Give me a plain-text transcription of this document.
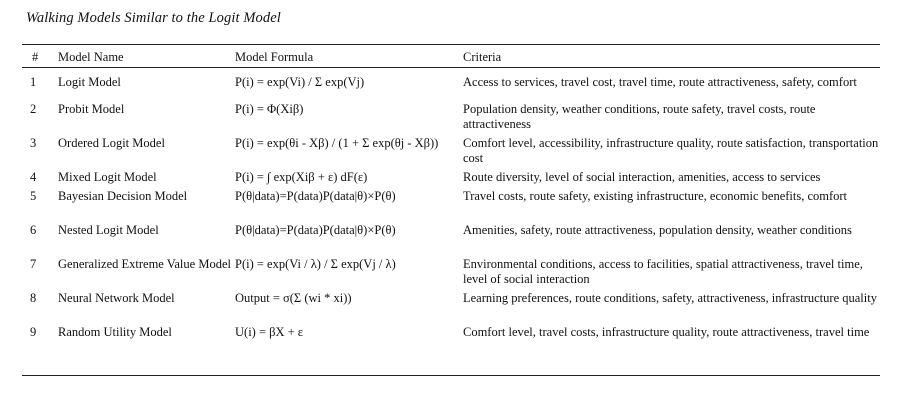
Walking Models Similar to the Logit Model
#	Model Name	Model Formula	Criteria
1	Logit Model	P(i) = exp(Vi) / Σ exp(Vj)	Access to services, travel cost, travel time, route attractiveness, safety, comfort
2	Probit Model	P(i) = Φ(Xiβ)	Population density, weather conditions, route safety, travel costs, route attractiveness
3	Ordered Logit Model	P(i) = exp(θi - Xβ) / (1 + Σ exp(θj - Xβ))	Comfort level, accessibility, infrastructure quality, route satisfaction, transportation cost
4	Mixed Logit Model	P(i) = ∫ exp(Xiβ + ε) dF(ε)	Route diversity, level of social interaction, amenities, access to services
5	Bayesian Decision Model	P(θ|data)=P(data)P(data|θ)×P(θ)	Travel costs, route safety, existing infrastructure, economic benefits, comfort
6	Nested Logit Model	P(θ|data)=P(data)P(data|θ)×P(θ)	Amenities, safety, route attractiveness, population density, weather conditions
7	Generalized Extreme Value Model	P(i) = exp(Vi / λ) / Σ exp(Vj / λ)	Environmental conditions, access to facilities, spatial attractiveness, travel time, level of social interaction
8	Neural Network Model	Output = σ(Σ (wi * xi))	Learning preferences, route conditions, safety, attractiveness, infrastructure quality
9	Random Utility Model	U(i) = βX + ε	Comfort level, travel costs, infrastructure quality, route attractiveness, travel time
